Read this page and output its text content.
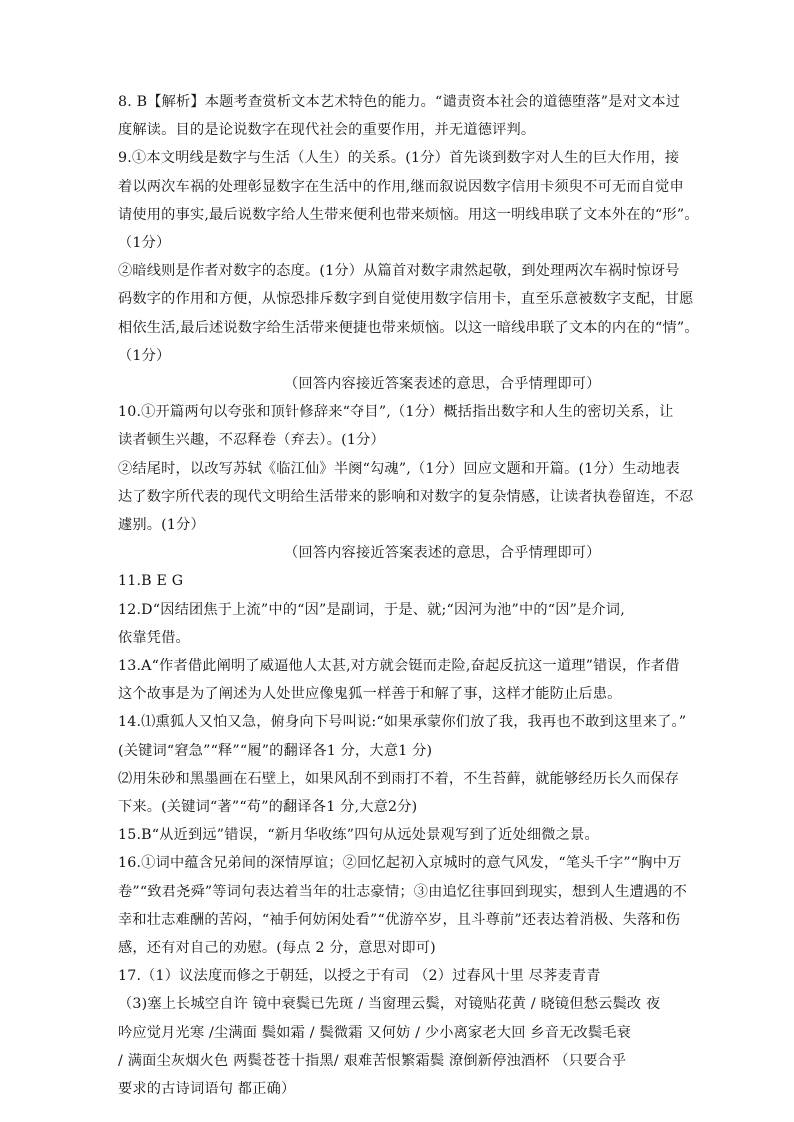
8. B【解析】本题考查赏析文本艺术特色的能力。“谴责资本社会的道德堕落”是对文本过
度解读。目的是论说数字在现代社会的重要作用，并无道德评判。
9.①本文明线是数字与生活（人生）的关系。(1分）首先谈到数字对人生的巨大作用，接
着以两次车祸的处理彰显数字在生活中的作用,继而叙说因数字信用卡须臾不可无而自觉申
请使用的事实,最后说数字给人生带来便利也带来烦恼。用这一明线串联了文本外在的“形”。
（1分）
②暗线则是作者对数字的态度。(1分）从篇首对数字肃然起敬，到处理两次车祸时惊讶号
码数字的作用和方便，从惊恐排斥数字到自觉使用数字信用卡，直至乐意被数字支配，甘愿
相依生活,最后述说数字给生活带来便捷也带来烦恼。以这一暗线串联了文本的内在的“情”。
（1分）
（回答内容接近答案表述的意思，合乎情理即可）
10.①开篇两句以夸张和顶针修辞来“夺目”,（1分）概括指出数字和人生的密切关系，让
读者顿生兴趣，不忍释卷（弃去）。(1分）
②结尾时，以改写苏轼《临江仙》半阕“勾魂”,（1分）回应文题和开篇。(1分）生动地表
达了数字所代表的现代文明给生活带来的影响和对数字的复杂情感，让读者执卷留连，不忍
遽别。(1分）
（回答内容接近答案表述的意思，合乎情理即可）
11.B E G
12.D“因结团焦于上流”中的“因”是副词，于是、就;“因河为池”中的“因”是介词,
依靠凭借。
13.A“作者借此阐明了威逼他人太甚,对方就会铤而走险,奋起反抗这一道理”错误，作者借
这个故事是为了阐述为人处世应像鬼狐一样善于和解了事，这样才能防止后患。
14.⑴熏狐人又怕又急，俯身向下号叫说:“如果承蒙你们放了我，我再也不敢到这里来了。”
(关键词“窘急”“释”“履”的翻译各1 分，大意1 分)
⑵用朱砂和黑墨画在石壁上，如果风刮不到雨打不着，不生苔藓，就能够经历长久而保存
下来。(关键词“著”“苟”的翻译各1 分,大意2分)
15.B“从近到远”错误，“新月华收练”四句从远处景观写到了近处细微之景。
16.①词中蕴含兄弟间的深情厚谊；②回忆起初入京城时的意气风发，“笔头千字”“胸中万
卷”“致君尧舜”等词句表达着当年的壮志豪情；③由追忆往事回到现实，想到人生遭遇的不
幸和壮志难酬的苦闷，“袖手何妨闲处看”“优游卒岁，且斗尊前”还表达着消极、失落和伤
感，还有对自己的劝慰。(每点 2 分，意思对即可)
17.（1）议法度而修之于朝廷，以授之于有司 （2）过春风十里 尽荠麦青青
（3)塞上长城空自许 镜中衰鬓已先斑 / 当窗理云鬓，对镜贴花黄 / 晓镜但愁云鬓改 夜
吟应觉月光寒 /尘满面 鬓如霜 / 鬓微霜 又何妨 / 少小离家老大回 乡音无改鬓毛衰
/ 满面尘灰烟火色 两鬓苍苍十指黑/ 艰难苦恨繁霜鬓 潦倒新停浊酒杯 （只要合乎
要求的古诗词语句 都正确）
